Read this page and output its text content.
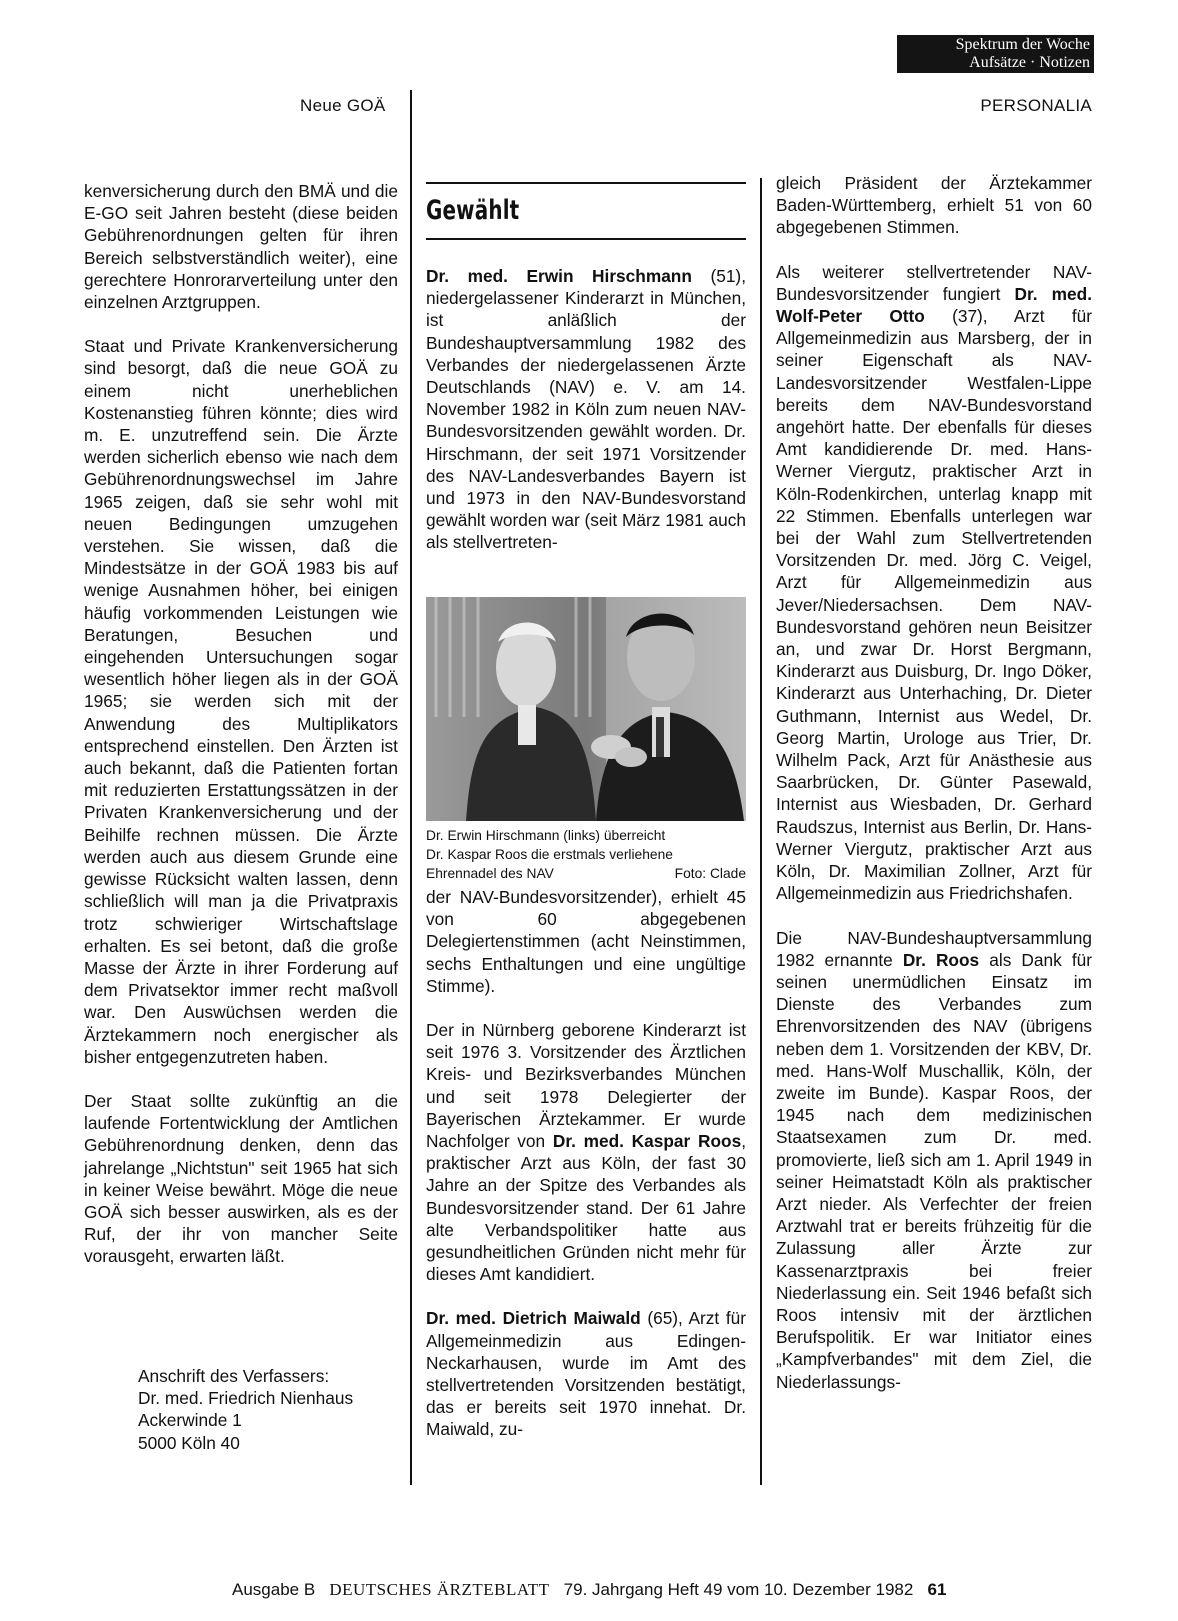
Spektrum der Woche
Aufsätze · Notizen
Neue GOÄ	PERSONALIA

kenversicherung durch den BMÄ und die E-GO seit Jahren besteht (diese beiden Gebührenordnungen gelten für ihren Bereich selbstverständlich weiter), eine gerechtere Honrorarverteilung unter den einzelnen Arztgruppen.

Staat und Private Krankenversicherung sind besorgt, daß die neue GOÄ zu einem nicht unerheblichen Kostenanstieg führen könnte; dies wird m. E. unzutreffend sein. Die Ärzte werden sicherlich ebenso wie nach dem Gebührenordnungswechsel im Jahre 1965 zeigen, daß sie sehr wohl mit neuen Bedingungen umzugehen verstehen. Sie wissen, daß die Mindestsätze in der GOÄ 1983 bis auf wenige Ausnahmen höher, bei einigen häufig vorkommenden Leistungen wie Beratungen, Besuchen und eingehenden Untersuchungen sogar wesentlich höher liegen als in der GOÄ 1965; sie werden sich mit der Anwendung des Multiplikators entsprechend einstellen. Den Ärzten ist auch bekannt, daß die Patienten fortan mit reduzierten Erstattungssätzen in der Privaten Krankenversicherung und der Beihilfe rechnen müssen. Die Ärzte werden auch aus diesem Grunde eine gewisse Rücksicht walten lassen, denn schließlich will man ja die Privatpraxis trotz schwieriger Wirtschaftslage erhalten. Es sei betont, daß die große Masse der Ärzte in ihrer Forderung auf dem Privatsektor immer recht maßvoll war. Den Auswüchsen werden die Ärztekammern noch energischer als bisher entgegenzutreten haben.

Der Staat sollte zukünftig an die laufende Fortentwicklung der Amtlichen Gebührenordnung denken, denn das jahrelange „Nichtstun" seit 1965 hat sich in keiner Weise bewährt. Möge die neue GOÄ sich besser auswirken, als es der Ruf, der ihr von mancher Seite vorausgeht, erwarten läßt.

Anschrift des Verfassers:
Dr. med. Friedrich Nienhaus
Ackerwinde 1
5000 Köln 40
Gewählt

Dr. med. Erwin Hirschmann (51), niedergelassener Kinderarzt in München, ist anläßlich der Bundeshauptversammlung 1982 des Verbandes der niedergelassenen Ärzte Deutschlands (NAV) e. V. am 14. November 1982 in Köln zum neuen NAV-Bundesvorsitzenden gewählt worden. Dr. Hirschmann, der seit 1971 Vorsitzender des NAV-Landesverbandes Bayern ist und 1973 in den NAV-Bundesvorstand gewählt worden war (seit März 1981 auch als stellvertreten-

Dr. Erwin Hirschmann (links) überreicht
Dr. Kaspar Roos die erstmals verliehene
Ehrennadel des NAV	Foto: Clade

der NAV-Bundesvorsitzender), erhielt 45 von 60 abgegebenen Delegiertenstimmen (acht Neinstimmen, sechs Enthaltungen und eine ungültige Stimme).

Der in Nürnberg geborene Kinderarzt ist seit 1976 3. Vorsitzender des Ärztlichen Kreis- und Bezirksverbandes München und seit 1978 Delegierter der Bayerischen Ärztekammer. Er wurde Nachfolger von Dr. med. Kaspar Roos, praktischer Arzt aus Köln, der fast 30 Jahre an der Spitze des Verbandes als Bundesvorsitzender stand. Der 61 Jahre alte Verbandspolitiker hatte aus gesundheitlichen Gründen nicht mehr für dieses Amt kandidiert.

Dr. med. Dietrich Maiwald (65), Arzt für Allgemeinmedizin aus Edingen-Neckarhausen, wurde im Amt des stellvertretenden Vorsitzenden bestätigt, das er bereits seit 1970 innehat. Dr. Maiwald, zu-

gleich Präsident der Ärztekammer Baden-Württemberg, erhielt 51 von 60 abgegebenen Stimmen.

Als weiterer stellvertretender NAV-Bundesvorsitzender fungiert Dr. med. Wolf-Peter Otto (37), Arzt für Allgemeinmedizin aus Marsberg, der in seiner Eigenschaft als NAV-Landesvorsitzender Westfalen-Lippe bereits dem NAV-Bundesvorstand angehört hatte. Der ebenfalls für dieses Amt kandidierende Dr. med. Hans-Werner Viergutz, praktischer Arzt in Köln-Rodenkirchen, unterlag knapp mit 22 Stimmen. Ebenfalls unterlegen war bei der Wahl zum Stellvertretenden Vorsitzenden Dr. med. Jörg C. Veigel, Arzt für Allgemeinmedizin aus Jever/Niedersachsen. Dem NAV-Bundesvorstand gehören neun Beisitzer an, und zwar Dr. Horst Bergmann, Kinderarzt aus Duisburg, Dr. Ingo Döker, Kinderarzt aus Unterhaching, Dr. Dieter Guthmann, Internist aus Wedel, Dr. Georg Martin, Urologe aus Trier, Dr. Wilhelm Pack, Arzt für Anästhesie aus Saarbrücken, Dr. Günter Pasewald, Internist aus Wiesbaden, Dr. Gerhard Raudszus, Internist aus Berlin, Dr. Hans-Werner Viergutz, praktischer Arzt aus Köln, Dr. Maximilian Zollner, Arzt für Allgemeinmedizin aus Friedrichshafen.

Die NAV-Bundeshauptversammlung 1982 ernannte Dr. Roos als Dank für seinen unermüdlichen Einsatz im Dienste des Verbandes zum Ehrenvorsitzenden des NAV (übrigens neben dem 1. Vorsitzenden der KBV, Dr. med. Hans-Wolf Muschallik, Köln, der zweite im Bunde). Kaspar Roos, der 1945 nach dem medizinischen Staatsexamen zum Dr. med. promovierte, ließ sich am 1. April 1949 in seiner Heimatstadt Köln als praktischer Arzt nieder. Als Verfechter der freien Arztwahl trat er bereits frühzeitig für die Zulassung aller Ärzte zur Kassenarztpraxis bei freier Niederlassung ein. Seit 1946 befaßt sich Roos intensiv mit der ärztlichen Berufspolitik. Er war Initiator eines „Kampfverbandes" mit dem Ziel, die Niederlassungs-

Ausgabe B DEUTSCHES ÄRZTEBLATT 79. Jahrgang Heft 49 vom 10. Dezember 1982 61
